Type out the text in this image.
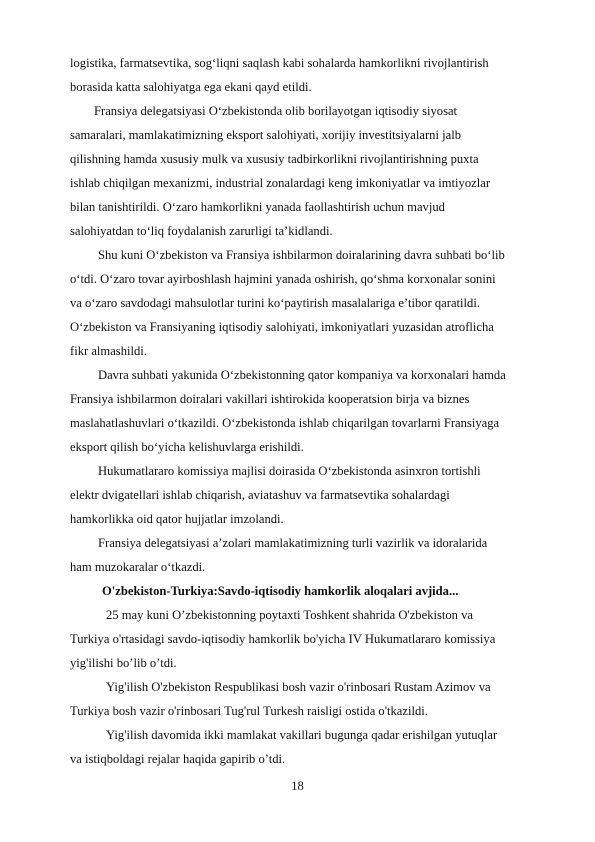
logistika, farmatsevtika, sog‘liqni saqlash kabi sohalarda hamkorlikni rivojlantirish

borasida katta salohiyatga ega ekani qayd etildi.

Fransiya delegatsiyasi O‘zbekistonda olib borilayotgan iqtisodiy siyosat

samaralari, mamlakatimizning eksport salohiyati, xorijiy investitsiyalarni jalb

qilishning hamda xususiy mulk va xususiy tadbirkorlikni rivojlantirishning puxta

ishlab chiqilgan mexanizmi, industrial zonalardagi keng imkoniyatlar va imtiyozlar

bilan tanishtirildi. O‘zaro hamkorlikni yanada faollashtirish uchun mavjud

salohiyatdan to‘liq foydalanish zarurligi ta’kidlandi.

Shu kuni O‘zbekiston va Fransiya ishbilarmon doiralarining davra suhbati bo‘lib

o‘tdi. O‘zaro tovar ayirboshlash hajmini yanada oshirish, qo‘shma korxonalar sonini

va o‘zaro savdodagi mahsulotlar turini ko‘paytirish masalalariga e’tibor qaratildi.

O‘zbekiston va Fransiyaning iqtisodiy salohiyati, imkoniyatlari yuzasidan atroflicha

fikr almashildi.

Davra suhbati yakunida O‘zbekistonning qator kompaniya va korxonalari hamda

Fransiya ishbilarmon doiralari vakillari ishtirokida kooperatsion birja va biznes

maslahatlashuvlari o‘tkazildi. O‘zbekistonda ishlab chiqarilgan tovarlarni Fransiyaga

eksport qilish bo‘yicha kelishuvlarga erishildi.

Hukumatlararo komissiya majlisi doirasida O‘zbekistonda asinxron tortishli

elektr dvigatellari ishlab chiqarish, aviatashuv va farmatsevtika sohalardagi

hamkorlikka oid qator hujjatlar imzolandi.

Fransiya delegatsiyasi a’zolari mamlakatimizning turli vazirlik va idoralarida

ham muzokaralar o‘tkazdi.

O'zbekiston-Turkiya:Savdo-iqtisodiy hamkorlik aloqalari avjida...

25 may kuni O’zbekistonning poytaxti Toshkent shahrida O'zbekiston va

Turkiya o'rtasidagi savdo-iqtisodiy hamkorlik bo'yicha IV Hukumatlararo komissiya

yig'ilishi bo’lib o’tdi.

Yig'ilish O'zbekiston Respublikasi bosh vazir o'rinbosari Rustam Azimov va

Turkiya bosh vazir o'rinbosari Tug'rul Turkesh raisligi ostida o'tkazildi.

Yig'ilish davomida ikki mamlakat vakillari bugunga qadar erishilgan yutuqlar

va istiqboldagi rejalar haqida gapirib o’tdi.

18
